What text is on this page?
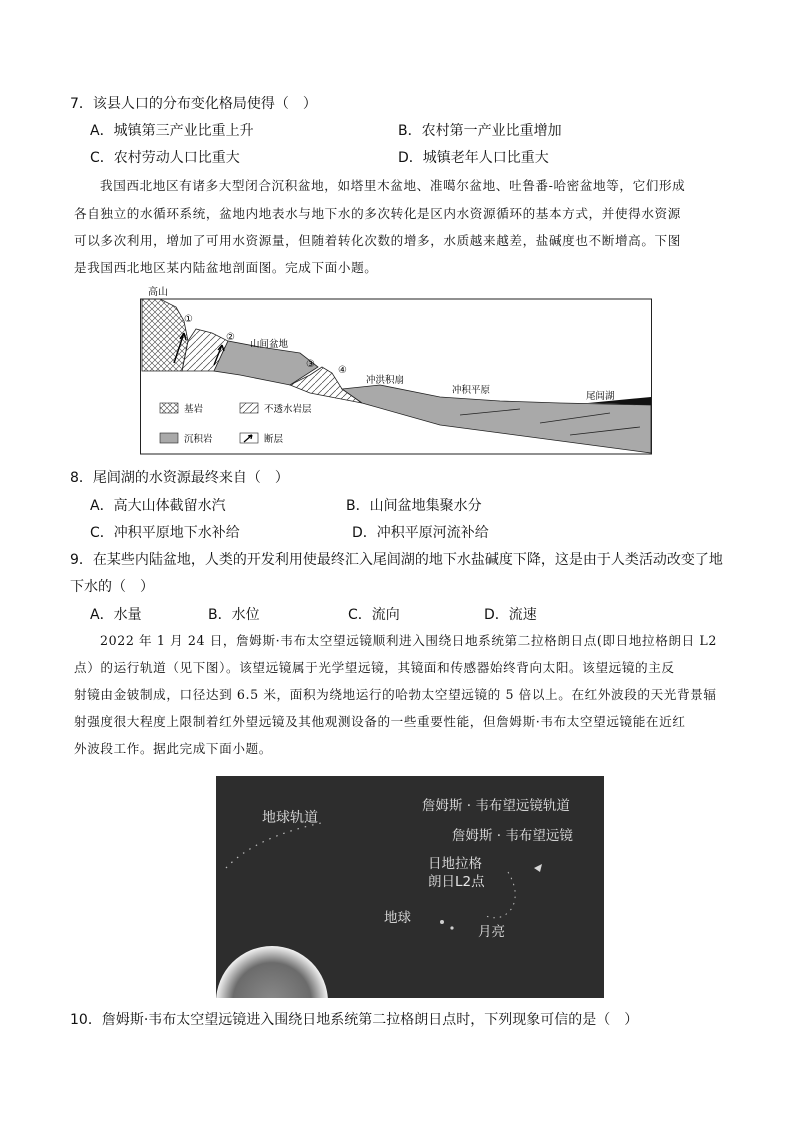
7．该县人口的分布变化格局使得（　）
A．城镇第三产业比重上升	B．农村第一产业比重增加
C．农村劳动人口比重大	D．城镇老年人口比重大
我国西北地区有诸多大型闭合沉积盆地，如塔里木盆地、准噶尔盆地、吐鲁番-哈密盆地等，它们形成
各自独立的水循环系统，盆地内地表水与地下水的多次转化是区内水资源循环的基本方式，并使得水资源
可以多次利用，增加了可用水资源量，但随着转化次数的增多，水质越来越差，盐碱度也不断增高。下图
是我国西北地区某内陆盆地剖面图。完成下面小题。
高山
①
②
山间盆地
③
④
冲洪积扇
冲积平原
尾闾湖
基岩	不透水岩层
沉积岩	断层
8．尾闾湖的水资源最终来自（　）
A．高大山体截留水汽	B．山间盆地集聚水分
C．冲积平原地下水补给	D．冲积平原河流补给
9．在某些内陆盆地，人类的开发利用使最终汇入尾闾湖的地下水盐碱度下降，这是由于人类活动改变了地
下水的（　）
A．水量	B．水位	C．流向	D．流速
2022 年 1 月 24 日，詹姆斯·韦布太空望远镜顺利进入围绕日地系统第二拉格朗日点(即日地拉格朗日 L2
点）的运行轨道（见下图）。该望远镜属于光学望远镜，其镜面和传感器始终背向太阳。该望远镜的主反
射镜由金铍制成，口径达到 6.5 米，面积为绕地运行的哈勃太空望远镜的 5 倍以上。在红外波段的天光背景辐
射强度很大程度上限制着红外望远镜及其他观测设备的一些重要性能，但詹姆斯·韦布太空望远镜能在近红
外波段工作。据此完成下面小题。
地球轨道
詹姆斯 · 韦布望远镜轨道
詹姆斯 · 韦布望远镜
日地拉格
朗日L2点
地球
月亮
10．詹姆斯·韦布太空望远镜进入围绕日地系统第二拉格朗日点时，下列现象可信的是（　）
